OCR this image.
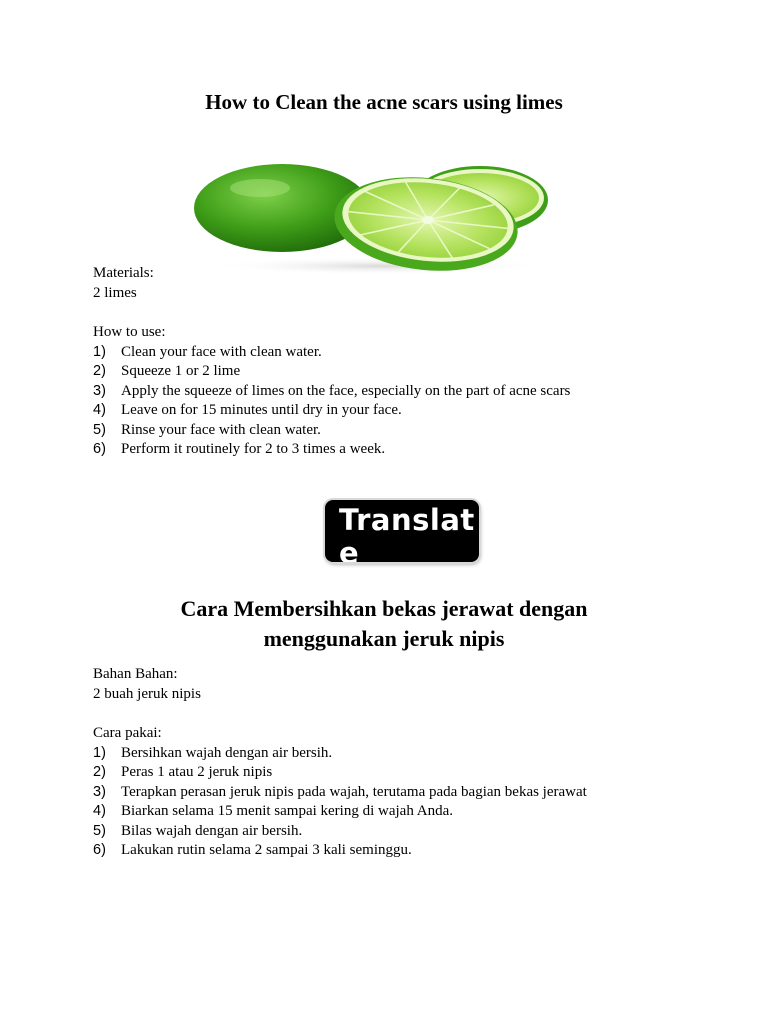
How to Clean the acne scars using limes
Materials:
2 limes
How to use:
1) Clean your face with clean water.
2) Squeeze 1 or 2 lime
3) Apply the squeeze of limes on the face, especially on the part of acne scars
4) Leave on for 15 minutes until dry in your face.
5) Rinse your face with clean water.
6) Perform it routinely for 2 to 3 times a week.
Translate
Cara Membersihkan bekas jerawat dengan
menggunakan jeruk nipis
Bahan Bahan:
2 buah jeruk nipis
Cara pakai:
1) Bersihkan wajah dengan air bersih.
2) Peras 1 atau 2 jeruk nipis
3) Terapkan perasan jeruk nipis pada wajah, terutama pada bagian bekas jerawat
4) Biarkan selama 15 menit sampai kering di wajah Anda.
5) Bilas wajah dengan air bersih.
6) Lakukan rutin selama 2 sampai 3 kali seminggu.
